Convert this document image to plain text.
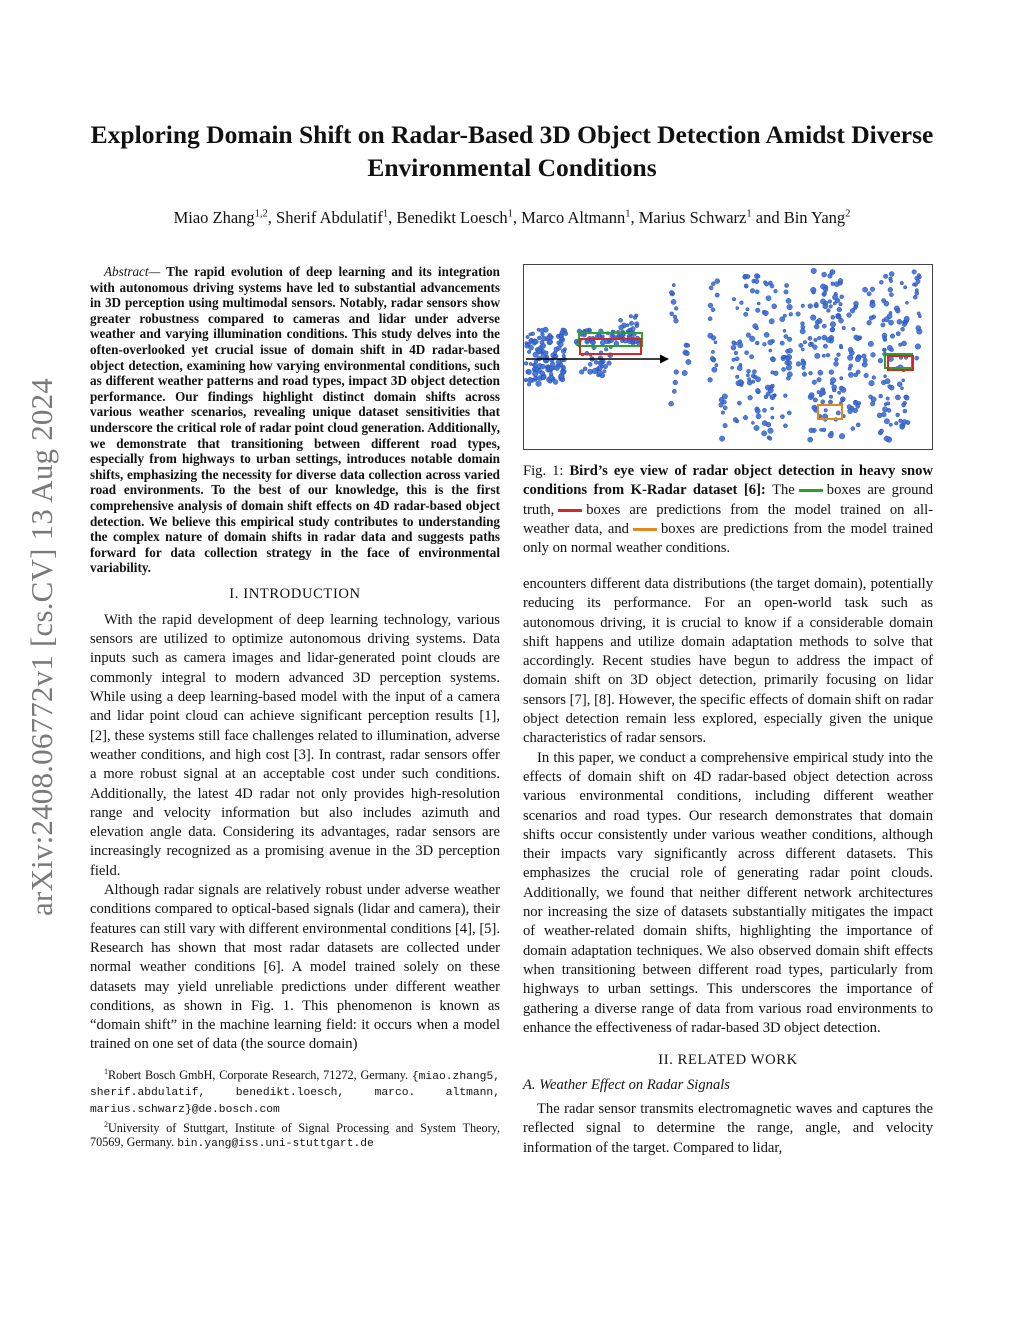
arXiv:2408.06772v1 [cs.CV] 13 Aug 2024
Exploring Domain Shift on Radar-Based 3D Object Detection Amidst Diverse Environmental Conditions
Miao Zhang$^{1,2}$, Sherif Abdulatif$^1$, Benedikt Loesch$^1$, Marco Altmann$^1$, Marius Schwarz$^1$ and Bin Yang$^2$

Abstract— The rapid evolution of deep learning and its integration with autonomous driving systems have led to substantial advancements in 3D perception using multimodal sensors. Notably, radar sensors show greater robustness compared to cameras and lidar under adverse weather and varying illumination conditions. This study delves into the often-overlooked yet crucial issue of domain shift in 4D radar-based object detection, examining how varying environmental conditions, such as different weather patterns and road types, impact 3D object detection performance. Our findings highlight distinct domain shifts across various weather scenarios, revealing unique dataset sensitivities that underscore the critical role of radar point cloud generation. Additionally, we demonstrate that transitioning between different road types, especially from highways to urban settings, introduces notable domain shifts, emphasizing the necessity for diverse data collection across varied road environments. To the best of our knowledge, this is the first comprehensive analysis of domain shift effects on 4D radar-based object detection. We believe this empirical study contributes to understanding the complex nature of domain shifts in radar data and suggests paths forward for data collection strategy in the face of environmental variability.

I. INTRODUCTION

With the rapid development of deep learning technology, various sensors are utilized to optimize autonomous driving systems. Data inputs such as camera images and lidar-generated point clouds are commonly integral to modern advanced 3D perception systems. While using a deep learning-based model with the input of a camera and lidar point cloud can achieve significant perception results [1], [2], these systems still face challenges related to illumination, adverse weather conditions, and high cost [3]. In contrast, radar sensors offer a more robust signal at an acceptable cost under such conditions. Additionally, the latest 4D radar not only provides high-resolution range and velocity information but also includes azimuth and elevation angle data. Considering its advantages, radar sensors are increasingly recognized as a promising avenue in the 3D perception field.

Although radar signals are relatively robust under adverse weather conditions compared to optical-based signals (lidar and camera), their features can still vary with different environmental conditions [4], [5]. Research has shown that most radar datasets are collected under normal weather conditions [6]. A model trained solely on these datasets may yield unreliable predictions under different weather conditions, as shown in Fig. 1. This phenomenon is known as “domain shift” in the machine learning field: it occurs when a model trained on one set of data (the source domain)

$^1$Robert Bosch GmbH, Corporate Research, 71272, Germany. {miao.zhang5, sherif.abdulatif, benedikt.loesch, marco. altmann, marius.schwarz}@de.bosch.com

$^2$University of Stuttgart, Institute of Signal Processing and System Theory, 70569, Germany. bin.yang@iss.uni-stuttgart.de

Fig. 1: Bird’s eye view of radar object detection in heavy snow conditions from K-Radar dataset [6]: The boxes are ground truth, boxes are predictions from the model trained on all-weather data, and boxes are predictions from the model trained only on normal weather conditions.

encounters different data distributions (the target domain), potentially reducing its performance. For an open-world task such as autonomous driving, it is crucial to know if a considerable domain shift happens and utilize domain adaptation methods to solve that accordingly. Recent studies have begun to address the impact of domain shift on 3D object detection, primarily focusing on lidar sensors [7], [8]. However, the specific effects of domain shift on radar object detection remain less explored, especially given the unique characteristics of radar sensors.

In this paper, we conduct a comprehensive empirical study into the effects of domain shift on 4D radar-based object detection across various environmental conditions, including different weather scenarios and road types. Our research demonstrates that domain shifts occur consistently under various weather conditions, although their impacts vary significantly across different datasets. This emphasizes the crucial role of generating radar point clouds. Additionally, we found that neither different network architectures nor increasing the size of datasets substantially mitigates the impact of weather-related domain shifts, highlighting the importance of domain adaptation techniques. We also observed domain shift effects when transitioning between different road types, particularly from highways to urban settings. This underscores the importance of gathering a diverse range of data from various road environments to enhance the effectiveness of radar-based 3D object detection.

II. RELATED WORK
A. Weather Effect on Radar Signals

The radar sensor transmits electromagnetic waves and captures the reflected signal to determine the range, angle, and velocity information of the target. Compared to lidar,
